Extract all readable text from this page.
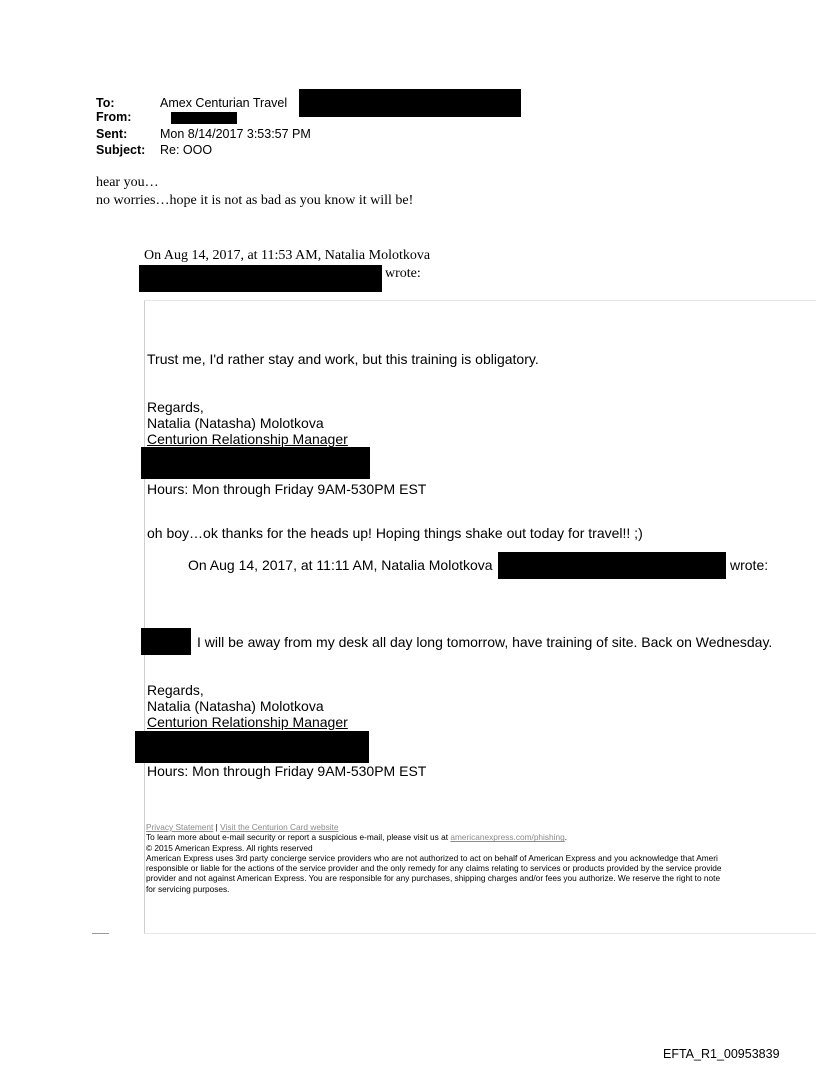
To:	Amex Centurian Travel
From:
Sent:	Mon 8/14/2017 3:53:57 PM
Subject: Re: OOO
hear you…
no worries…hope it is not as bad as you know it will be!
On Aug 14, 2017, at 11:53 AM, Natalia Molotkova
wrote:
Trust me, I'd rather stay and work, but this training is obligatory.
Regards,
Natalia (Natasha) Molotkova
Centurion Relationship Manager
Hours: Mon through Friday 9AM-530PM EST
oh boy…ok thanks for the heads up! Hoping things shake out today for travel!! ;)
On Aug 14, 2017, at 11:11 AM, Natalia Molotkova	wrote:
I will be away from my desk all day long tomorrow, have training of site. Back on Wednesday.
Regards,
Natalia (Natasha) Molotkova
Centurion Relationship Manager
Hours: Mon through Friday 9AM-530PM EST
Privacy Statement | Visit the Centurion Card website
To learn more about e-mail security or report a suspicious e-mail, please visit us at americanexpress.com/phishing.
© 2015 American Express. All rights reserved
American Express uses 3rd party concierge service providers who are not authorized to act on behalf of American Express and you acknowledge that Ameri
responsible or liable for the actions of the service provider and the only remedy for any claims relating to services or products provided by the service provide
provider and not against American Express. You are responsible for any purchases, shipping charges and/or fees you authorize. We reserve the right to note
for servicing purposes.
EFTA_R1_00953839
